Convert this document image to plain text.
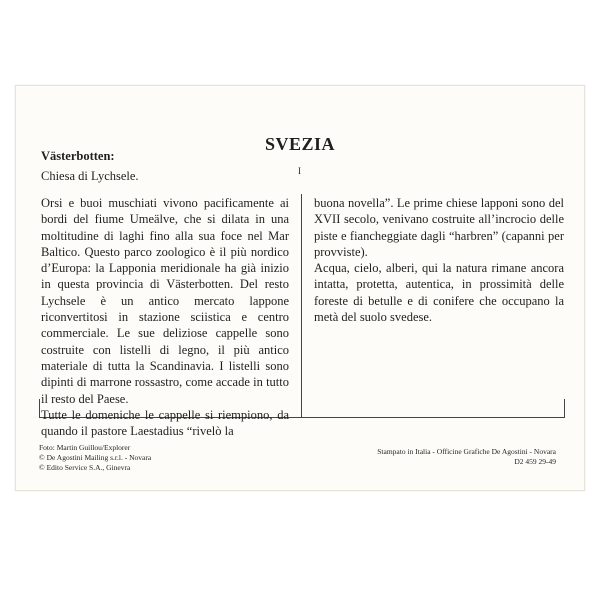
SVEZIA
I
Västerbotten:
Chiesa di Lychsele.

Orsi e buoi muschiati vivono pacificamente ai bordi del fiume Umeälve, che si dilata in una moltitudine di laghi fino alla sua foce nel Mar Baltico. Questo parco zoologico è il più nordico d’Europa: la Lapponia meridionale ha già inizio in questa provincia di Västerbotten. Del resto Lychsele è un antico mercato lappone riconvertitosi in stazione sciistica e centro commerciale. Le sue deliziose cappelle sono costruite con listelli di legno, il più antico materiale di tutta la Scandinavia. I listelli sono dipinti di marrone rossastro, come accade in tutto il resto del Paese.

Tutte le domeniche le cappelle si riempiono, da quando il pastore Laestadius “rivelò la

buona novella”. Le prime chiese lapponi sono del XVII secolo, venivano costruite all’incrocio delle piste e fiancheggiate dagli “harbren” (capanni per provviste).

Acqua, cielo, alberi, qui la natura rimane ancora intatta, protetta, autentica, in prossimità delle foreste di betulle e di conifere che occupano la metà del suolo svedese.

Foto: Martin Guillou/Explorer
© De Agostini Mailing s.r.l. - Novara
© Edito Service S.A., Ginevra
Stampato in Italia - Officine Grafiche De Agostini - Novara
D2 459 29-49
